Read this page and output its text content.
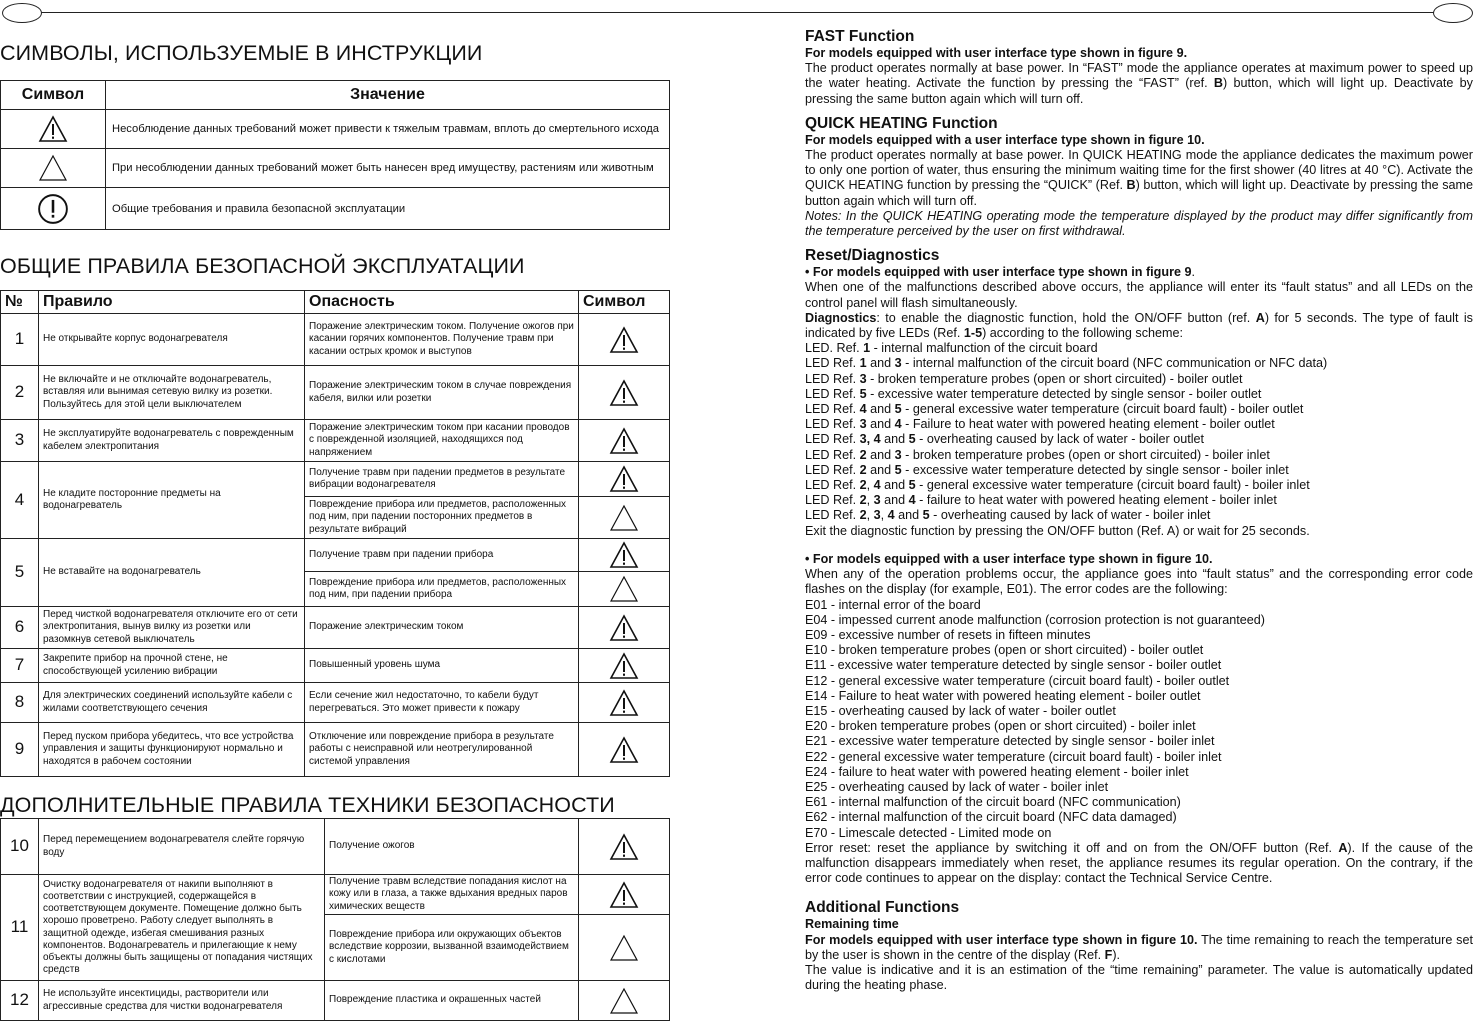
СИМВОЛЫ, ИСПОЛЬЗУЕМЫЕ В ИНСТРУКЦИИ
Символ	Значение

	Несоблюдение данных требований может привести к тяжелым травмам, вплоть до смертельного исхода

	При несоблюдении данных требований может быть нанесен вред имуществу, растениям или животным

	Общие требования и правила безопасной эксплуатации
ОБЩИЕ ПРАВИЛА БЕЗОПАСНОЙ ЭКСПЛУАТАЦИИ
№	Правило	Опасность	Символ
1	Не открывайте корпус водонагревателя	Поражение электрическим током. Получение ожогов при касании горячих компонентов. Получение травм при касании острых кромок и выступов	

2	Не включайте и не отключайте водонагреватель, вставляя или вынимая сетевую вилку из розетки. Пользуйтесь для этой цели выключателем	Поражение электрическим током в случае повреждения кабеля, вилки или розетки	

3	Не эксплуатируйте водонагреватель с поврежденным кабелем электропитания	Поражение электрическим током при касании проводов с поврежденной изоляцией, находящихся под напряжением	

4	Не кладите посторонние предметы на водонагреватель	Получение травм при падении предметов в результате вибрации водонагревателя	

		Повреждение прибора или предметов, расположенных под ним, при падении посторонних предметов в результате вибраций	

5	Не вставайте на водонагреватель	Получение травм при падении прибора	

		Повреждение прибора или предметов, расположенных под ним, при падении прибора	

6	Перед чисткой водонагревателя отключите его от сети электропитания, вынув вилку из розетки или разомкнув сетевой выключатель	Поражение электрическим током	

7	Закрепите прибор на прочной стене, не способствующей усилению вибрации	Повышенный уровень шума	

8	Для электрических соединений используйте кабели с жилами соответствующего сечения	Если сечение жил недостаточно, то кабели будут перегреваться. Это может привести к пожару	

9	Перед пуском прибора убедитесь, что все устройства управления и защиты функционируют нормально и находятся в рабочем состоянии	Отключение или повреждение прибора в результате работы с неисправной или неотрегулированной системой управления	
ДОПОЛНИТЕЛЬНЫЕ ПРАВИЛА ТЕХНИКИ БЕЗОПАСНОСТИ
10	Перед перемещением водонагревателя слейте горячую воду	Получение ожогов	

11	Очистку водонагревателя от накипи выполняют в соответствии с инструкцией, содержащейся в соответствующем документе. Помещение должно быть хорошо проветрено. Работу следует выполнять в защитной одежде, избегая смешивания разных компонентов. Водонагреватель и прилегающие к нему объекты должны быть защищены от попадания чистящих средств	Получение травм вследствие попадания кислот на кожу или в глаза, а также вдыхания вредных паров химических веществ	

		Повреждение прибора или окружающих объектов вследствие коррозии, вызванной взаимодействием с кислотами	

12	Не используйте инсектициды, растворители или агрессивные средства для чистки водонагревателя	Повреждение пластика и окрашенных частей	
FAST Function
For models equipped with user interface type shown in figure 9.

The product operates normally at base power. In “FAST” mode the appliance operates at maximum power to speed up the water heating. Activate the function by pressing the “FAST” (ref. B) button, which will light up. Deactivate by pressing the same button again which will turn off.

QUICK HEATING Function
For models equipped with a user interface type shown in figure 10.

The product operates normally at base power. In QUICK HEATING mode the appliance dedicates the maximum power to only one portion of water, thus ensuring the minimum waiting time for the first shower (40 litres at 40 °C). Activate the QUICK HEATING function by pressing the “QUICK” (Ref. B) button, which will light up. Deactivate by pressing the same button again which will turn off.

Notes: In the QUICK HEATING operating mode the temperature displayed by the product may differ significantly from the temperature perceived by the user on first withdrawal.

Reset/Diagnostics
• For models equipped with user interface type shown in figure 9.

When one of the malfunctions described above occurs, the appliance will enter its “fault status” and all LEDs on the control panel will flash simultaneously.

Diagnostics: to enable the diagnostic function, hold the ON/OFF button (ref. A) for 5 seconds. The type of fault is indicated by five LEDs (Ref. 1-5) according to the following scheme:

LED. Ref. 1 - internal malfunction of the circuit board
LED Ref. 1 and 3 - internal malfunction of the circuit board (NFC communication or NFC data)
LED Ref. 3 - broken temperature probes (open or short circuited) - boiler outlet
LED Ref. 5 - excessive water temperature detected by single sensor - boiler outlet
LED Ref. 4 and 5 - general excessive water temperature (circuit board fault) - boiler outlet
LED Ref. 3 and 4 - Failure to heat water with powered heating element - boiler outlet
LED Ref. 3, 4 and 5 - overheating caused by lack of water - boiler outlet
LED Ref. 2 and 3 - broken temperature probes (open or short circuited) - boiler inlet
LED Ref. 2 and 5 - excessive water temperature detected by single sensor - boiler inlet
LED Ref. 2, 4 and 5 - general excessive water temperature (circuit board fault) - boiler inlet
LED Ref. 2, 3 and 4 - failure to heat water with powered heating element - boiler inlet
LED Ref. 2, 3, 4 and 5 - overheating caused by lack of water - boiler inlet
Exit the diagnostic function by pressing the ON/OFF button (Ref. A) or wait for 25 seconds.
• For models equipped with a user interface type shown in figure 10.

When any of the operation problems occur, the appliance goes into “fault status” and the corresponding error code flashes on the display (for example, E01). The error codes are the following:

E01 - internal error of the board
E04 - impessed current anode malfunction (corrosion protection is not guaranteed)
E09 - excessive number of resets in fifteen minutes
E10 - broken temperature probes (open or short circuited) - boiler outlet
E11 - excessive water temperature detected by single sensor - boiler outlet
E12 - general excessive water temperature (circuit board fault) - boiler outlet
E14 - Failure to heat water with powered heating element - boiler outlet
E15 - overheating caused by lack of water - boiler outlet
E20 - broken temperature probes (open or short circuited) - boiler inlet
E21 - excessive water temperature detected by single sensor - boiler inlet
E22 - general excessive water temperature (circuit board fault) - boiler inlet
E24 - failure to heat water with powered heating element - boiler inlet
E25 - overheating caused by lack of water - boiler inlet
E61 - internal malfunction of the circuit board (NFC communication)
E62 - internal malfunction of the circuit board (NFC data damaged)
E70 - Limescale detected - Limited mode on

Error reset: reset the appliance by switching it off and on from the ON/OFF button (Ref. A). If the cause of the malfunction disappears immediately when reset, the appliance resumes its regular operation. On the contrary, if the error code continues to appear on the display: contact the Technical Service Centre.

Additional Functions
Remaining time

For models equipped with user interface type shown in figure 10. The time remaining to reach the temperature set by the user is shown in the centre of the display (Ref. F).

The value is indicative and it is an estimation of the “time remaining” parameter. The value is automatically updated during the heating phase.
